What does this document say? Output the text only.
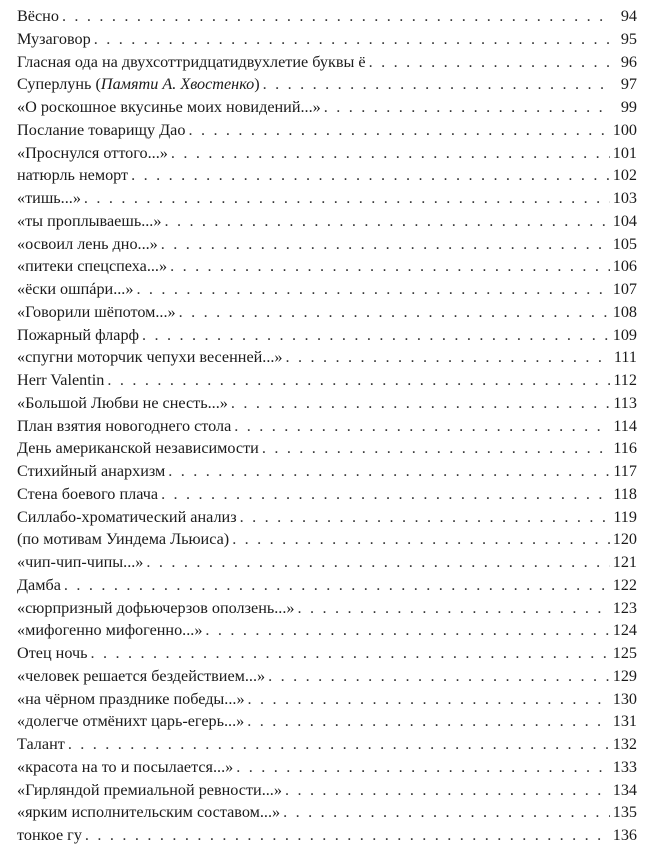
Вёсно . . .	94
Музаговор . . .	95
Гласная ода на двухсоттридцатидвухлетие буквы ё . . .	96
Суперлунь (Памяти А. Хвостенко) . . .	97
«О роскошное вкусинье моих новидений...» . . .	99
Послание товарищу Дао . . .	100
«Проснулся оттого...» . . .	101
натюрль неморт . . .	102
«тишь...» . . .	103
«ты проплываешь...» . . .	104
«освоил лень дно...» . . .	105
«питеки спецспеха...» . . .	106
«ёски ошпáри...» . . .	107
«Говорили шёпотом...» . . .	108
Пожарный фларф . . .	109
«спугни моторчик чепухи весенней...» . . .	111
Herr Valentin . . .	112
«Большой Любви не снесть...» . . .	113
План взятия новогоднего стола . . .	114
День американской независимости . . .	116
Стихийный анархизм . . .	117
Стена боевого плача . . .	118
Силлабо-хроматический анализ . . .	119
(по мотивам Уиндема Льюиса) . . .	120
«чип-чип-чипы...» . . .	121
Дамба . . .	122
«сюрпризный дофьючерзов оползень...» . . .	123
«мифогенно мифогенно...» . . .	124
Отец ночь . . .	125
«человек решается бездействием...» . . .	129
«на чёрном празднике победы...» . . .	130
«долегче отмёнихт царь-егерь...» . . .	131
Талант . . .	132
«красота на то и посылается...» . . .	133
«Гирляндой премиальной ревности...» . . .	134
«ярким исполнительским составом...» . . .	135
тонкое гу . . .	136
